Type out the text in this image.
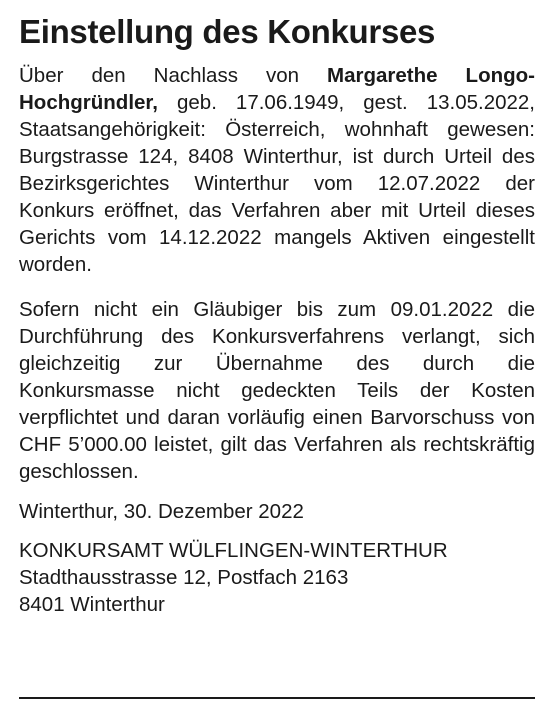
Einstellung des Konkurses

Über den Nachlass von Margarethe Longo-Hochgründler, geb. 17.06.1949, gest. 13.05.2022, Staatsangehörigkeit: Österreich, wohnhaft gewesen: Burgstrasse 124, 8408 Winterthur, ist durch Urteil des Bezirksgerichtes Winterthur vom 12.07.2022 der Konkurs eröffnet, das Verfahren aber mit Urteil dieses Gerichts vom 14.12.2022 mangels Aktiven eingestellt worden.

Sofern nicht ein Gläubiger bis zum 09.01.2022 die Durchführung des Konkursverfahrens verlangt, sich gleichzeitig zur Übernahme des durch die Konkursmasse nicht gedeckten Teils der Kosten verpflichtet und daran vorläufig einen Barvorschuss von CHF 5’000.00 leistet, gilt das Verfahren als rechtskräftig geschlossen.

Winterthur, 30. Dezember 2022
KONKURSAMT WÜLFLINGEN-WINTERTHUR
Stadthausstrasse 12, Postfach 2163
8401 Winterthur
